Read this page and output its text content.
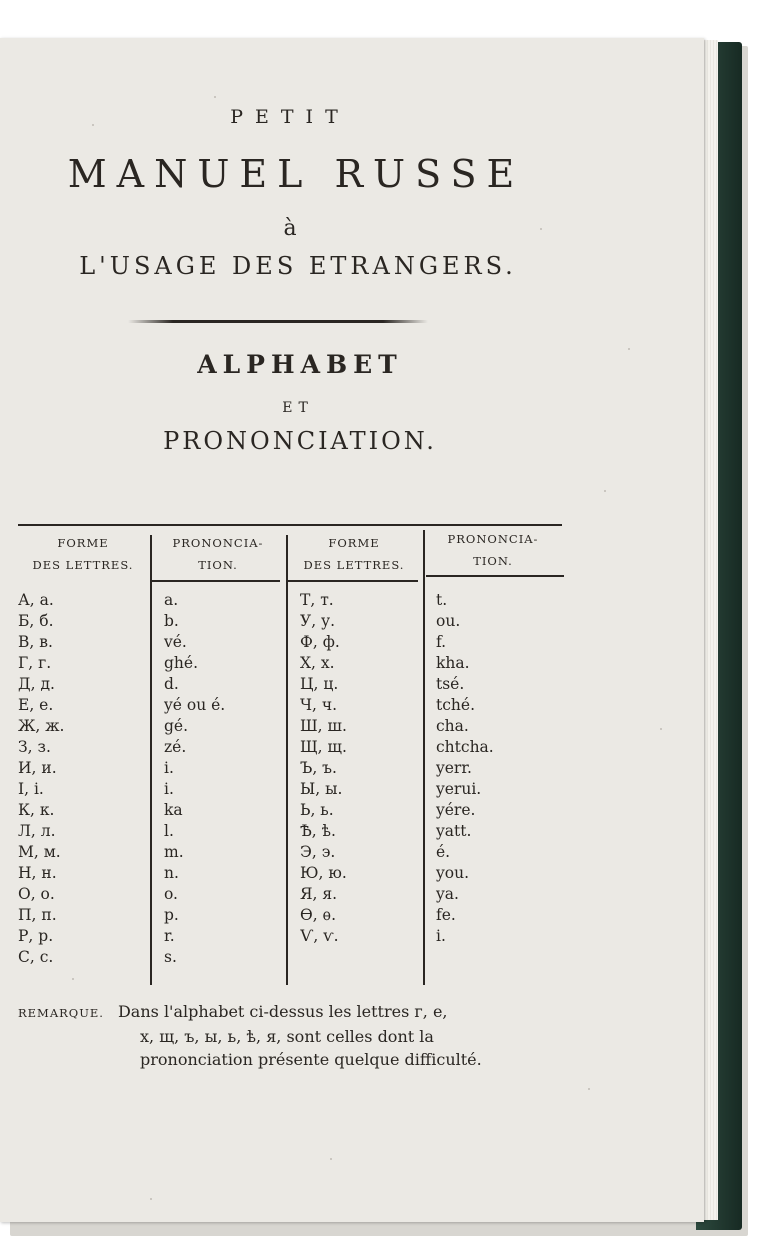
PETIT
MANUEL RUSSE
à
L'USAGE DES ETRANGERS.
ALPHABET
ET
PRONONCIATION.
FORME
DES LETTRES.
PRONONCIA-
TION.
FORME
DES LETTRES.
PRONONCIA-
TION.
А, а.
Б, б.
В, в.
Г, г.
Д, д.
Е, е.
Ж, ж.
З, з.
И, и.
І, і.
К, к.
Л, л.
М, м.
Н, н.
О, о.
П, п.
Р, р.
С, с.
a.
b.
vé.
ghé.
d.
yé ou é.
gé.
zé.
i.
i.
ka
l.
m.
n.
o.
p.
r.
s.
Т, т.
У, у.
Ф, ф.
Х, х.
Ц, ц.
Ч, ч.
Ш, ш.
Щ, щ.
Ъ, ъ.
Ы, ы.
Ь, ь.
Ѣ, ѣ.
Э, э.
Ю, ю.
Я, я.
Ѳ, ѳ.
Ѵ, ѵ.
t.
ou.
f.
kha.
tsé.
tché.
cha.
chtcha.
yerr.
yerui.
yére.
yatt.
é.
you.
ya.
fe.
i.
REMARQUE. Dans l'alphabet ci-dessus les lettres г, е,
х, щ, ъ, ы, ь, ѣ, я, sont celles dont la
prononciation présente quelque difficulté.
